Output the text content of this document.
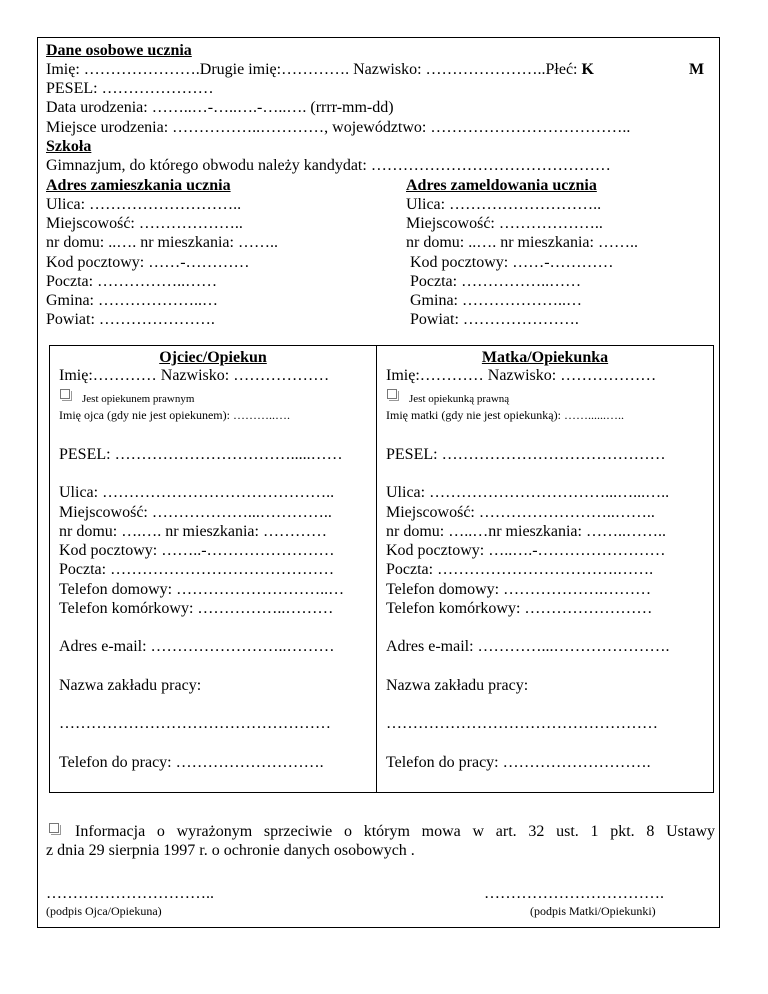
Dane osobowe ucznia
Imię: ………………….Drugie imię:…………. Nazwisko: …………………..Płeć: K	M
PESEL: …………………
Data urodzenia: ……..…-…..….-…..…. (rrrr-mm-dd)
Miejsce urodzenia: ……………..…………, województwo: ………………………………..
Szkoła
Gimnazjum, do którego obwodu należy kandydat: ………………………………………
Adres zamieszkania ucznia
Ulica: ………………………..
Miejscowość: ………………..
nr domu: ..…. nr mieszkania: ……..
Kod pocztowy: ……-…………
Poczta: ……………..……
Gmina: ………………..…
Powiat: ………………….
Adres zameldowania ucznia
Ulica: ………………………..
Miejscowość: ………………..
nr domu: ..…. nr mieszkania: ……..
Kod pocztowy: ……-…………
Poczta: ……………..……
Gmina: ………………..…
Powiat: ………………….
Ojciec/Opiekun
Imię:………… Nazwisko: ………………
Jest opiekunem prawnym
Imię ojca (gdy nie jest opiekunem): ………..….
PESEL: …………………………….....……
Ulica: ……………………………………..
Miejscowość: ………………...…………..
nr domu: ….…. nr mieszkania: …………
Kod pocztowy: ……..-……………………
Poczta: ……………………………………
Telefon domowy: ………………………..…
Telefon komórkowy: ……………..………
Adres e-mail: ……………………..………
Nazwa zakładu pracy:
……………………………………………
Telefon do pracy: ……………………….
Matka/Opiekunka
Imię:………… Nazwisko: ………………
Jest opiekunką prawną
Imię matki (gdy nie jest opiekunką): ……......…..
PESEL: ……………………………………
Ulica: ……………………………...…...…..
Miejscowość: ……………………..……..
nr domu: …..…nr mieszkania: ……..……..
Kod pocztowy: …..….-……………………
Poczta: …………………………….…….
Telefon domowy: ……………….………
Telefon komórkowy: ……………………
Adres e-mail: …………...………………….
Nazwa zakładu pracy:
……………………………………………
Telefon do pracy: ……………………….
Informacja o wyrażonym sprzeciwie o którym mowa w art. 32 ust. 1 pkt. 8 Ustawy
z dnia 29 sierpnia 1997 r. o ochronie danych osobowych .
…………………………..
(podpis Ojca/Opiekuna)
…………………………….
(podpis Matki/Opiekunki)
